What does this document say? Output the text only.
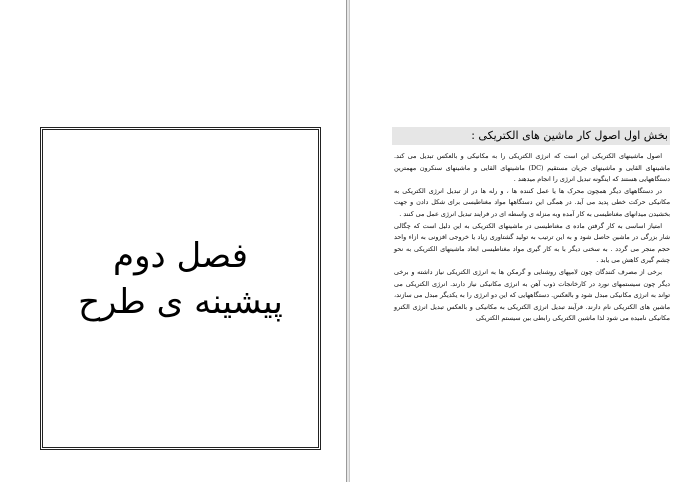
فصل دوم
پیشینه ی طرح
بخش اول اصول کار ماشین های الکتریکی :

اصول ماشینهای الکتریکی این است که انرژی الکتریکی را به مکانیکی و بالعکس تبدیل می کند. ماشینهای القایی و ماشینهای جریان مستقیم (DC) ماشینهای القایی و ماشینهای سنکرون مهمترین دستگاههایی هستند که اینگونه تبدیل انرژی را انجام میدهند .

در دستگاههای دیگر همچون محرک ها یا عمل کننده ها ، و رله ها در از تبدیل انرژی الکتریکی به مکانیکی حرکت خطی پدید می آید. در همگی این دستگاهها مواد مغناطیسی برای شکل دادن و جهت بخشیدن میدانهای مغناطیسی به کار آمده وبه منزله ی واسطه ای در فرایند تبدیل انرژی عمل می کنند .

امتیاز اساسی به کار گرفتن ماده ی مغناطیسی در ماشینهای الکتریکی به این دلیل است که چگالی شار بزرگی در ماشین حاصل شود و به این ترتیب به تولید گشتاوری زیاد یا خروجی افزونی به ازاء واحد حجم منجر می گردد . به سخنی دیگر با به کار گیری مواد مغناطیسی ابعاد ماشینهای الکتریکی به نحو چشم گیری کاهش می یابد .

برخی از مصرف کنندگان چون لامپهای روشنایی و گرمکن ها به انرژی الکتریکی نیاز داشته و برخی دیگر چون سیستمهای نورد در کارخانجات ذوب آهن به انرژی مکانیکی نیاز دارند. انرژی الکتریکی می تواند به انرژی مکانیکی مبدل شود و بالعکس. دستگاههایی که این دو انرژی را به یکدیگر مبدل می سازند، ماشین های الکتریکی نام دارند. فرآیند تبدیل انرژی الکتریکی به مکانیکی و بالعکس تبدیل انرژی الکترو مکانیکی نامیده می شود لذا ماشین الکتریکی رابطی بین سیستم الکتریکی
